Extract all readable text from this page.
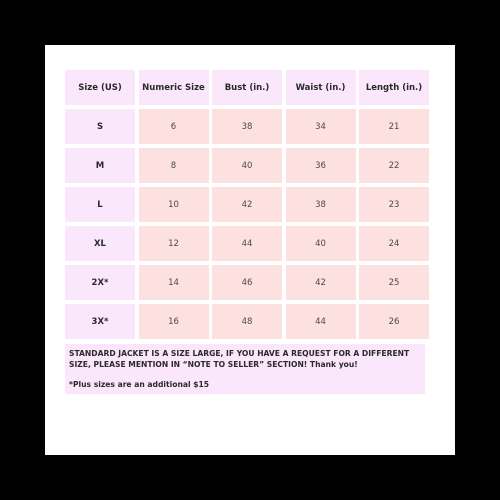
Size (US)	Numeric Size	Bust (in.)	Waist (in.)	Length (in.)
S	6	38	34	21
M	8	40	36	22
L	10	42	38	23
XL	12	44	40	24
2X*	14	46	42	25
3X*	16	48	44	26

STANDARD JACKET IS A SIZE LARGE, IF YOU HAVE A REQUEST FOR A DIFFERENT SIZE, PLEASE MENTION IN “NOTE TO SELLER” SECTION! Thank you!

*Plus sizes are an additional $15
